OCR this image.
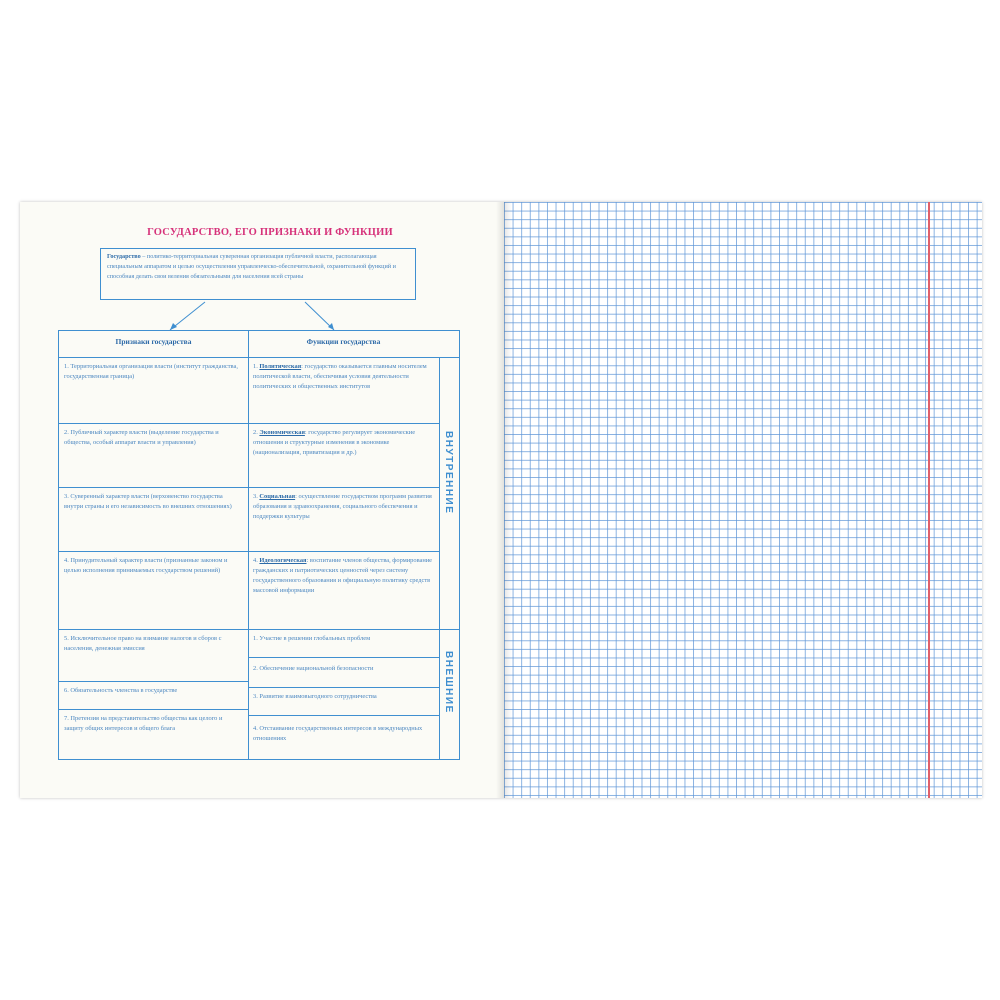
ГОСУДАРСТВО, ЕГО ПРИЗНАКИ И ФУНКЦИИ
Государство – политико-территориальная суверенная организация публичной власти, располагающая специальным аппаратом и целью осуществления управленческо-обеспечительной, охранительной функций и способная делать свои веления обязательными для населения всей страны
Признаки государства	Функции государства
1. Территориальная организация власти (институт гражданства, государственная граница)
2. Публичный характер власти (выделение государства и общества, особый аппарат власти и управления)
3. Суверенный характер власти (верховенство государства внутри страны и его независимость во внешних отношениях)
4. Принудительный характер власти (признанные законом и целью исполнения принимаемых государством решений)
5. Исключительное право на взимание налогов и сборов с населения, денежная эмиссия
6. Обязательность членства в государстве
7. Претензия на представительство общества как целого и защиту общих интересов и общего блага
1. Политическая: государство оказывается главным носителем политической власти, обеспечивая условия деятельности политических и общественных институтов
2. Экономическая: государство регулирует экономические отношения и структурные изменения в экономике (национализация, приватизация и др.)
3. Социальная: осуществление государством программ развития образования и здравоохранения, социального обеспечения и поддержки культуры
4. Идеологическая: воспитание членов общества, формирование гражданских и патриотических ценностей через систему государственного образования и официальную политику средств массовой информации
1. Участие в решении глобальных проблем
2. Обеспечение национальной безопасности
3. Развитие взаимовыгодного сотрудничества
4. Отстаивание государственных интересов в международных отношениях
ВНУТРЕННИЕ
ВНЕШНИЕ
